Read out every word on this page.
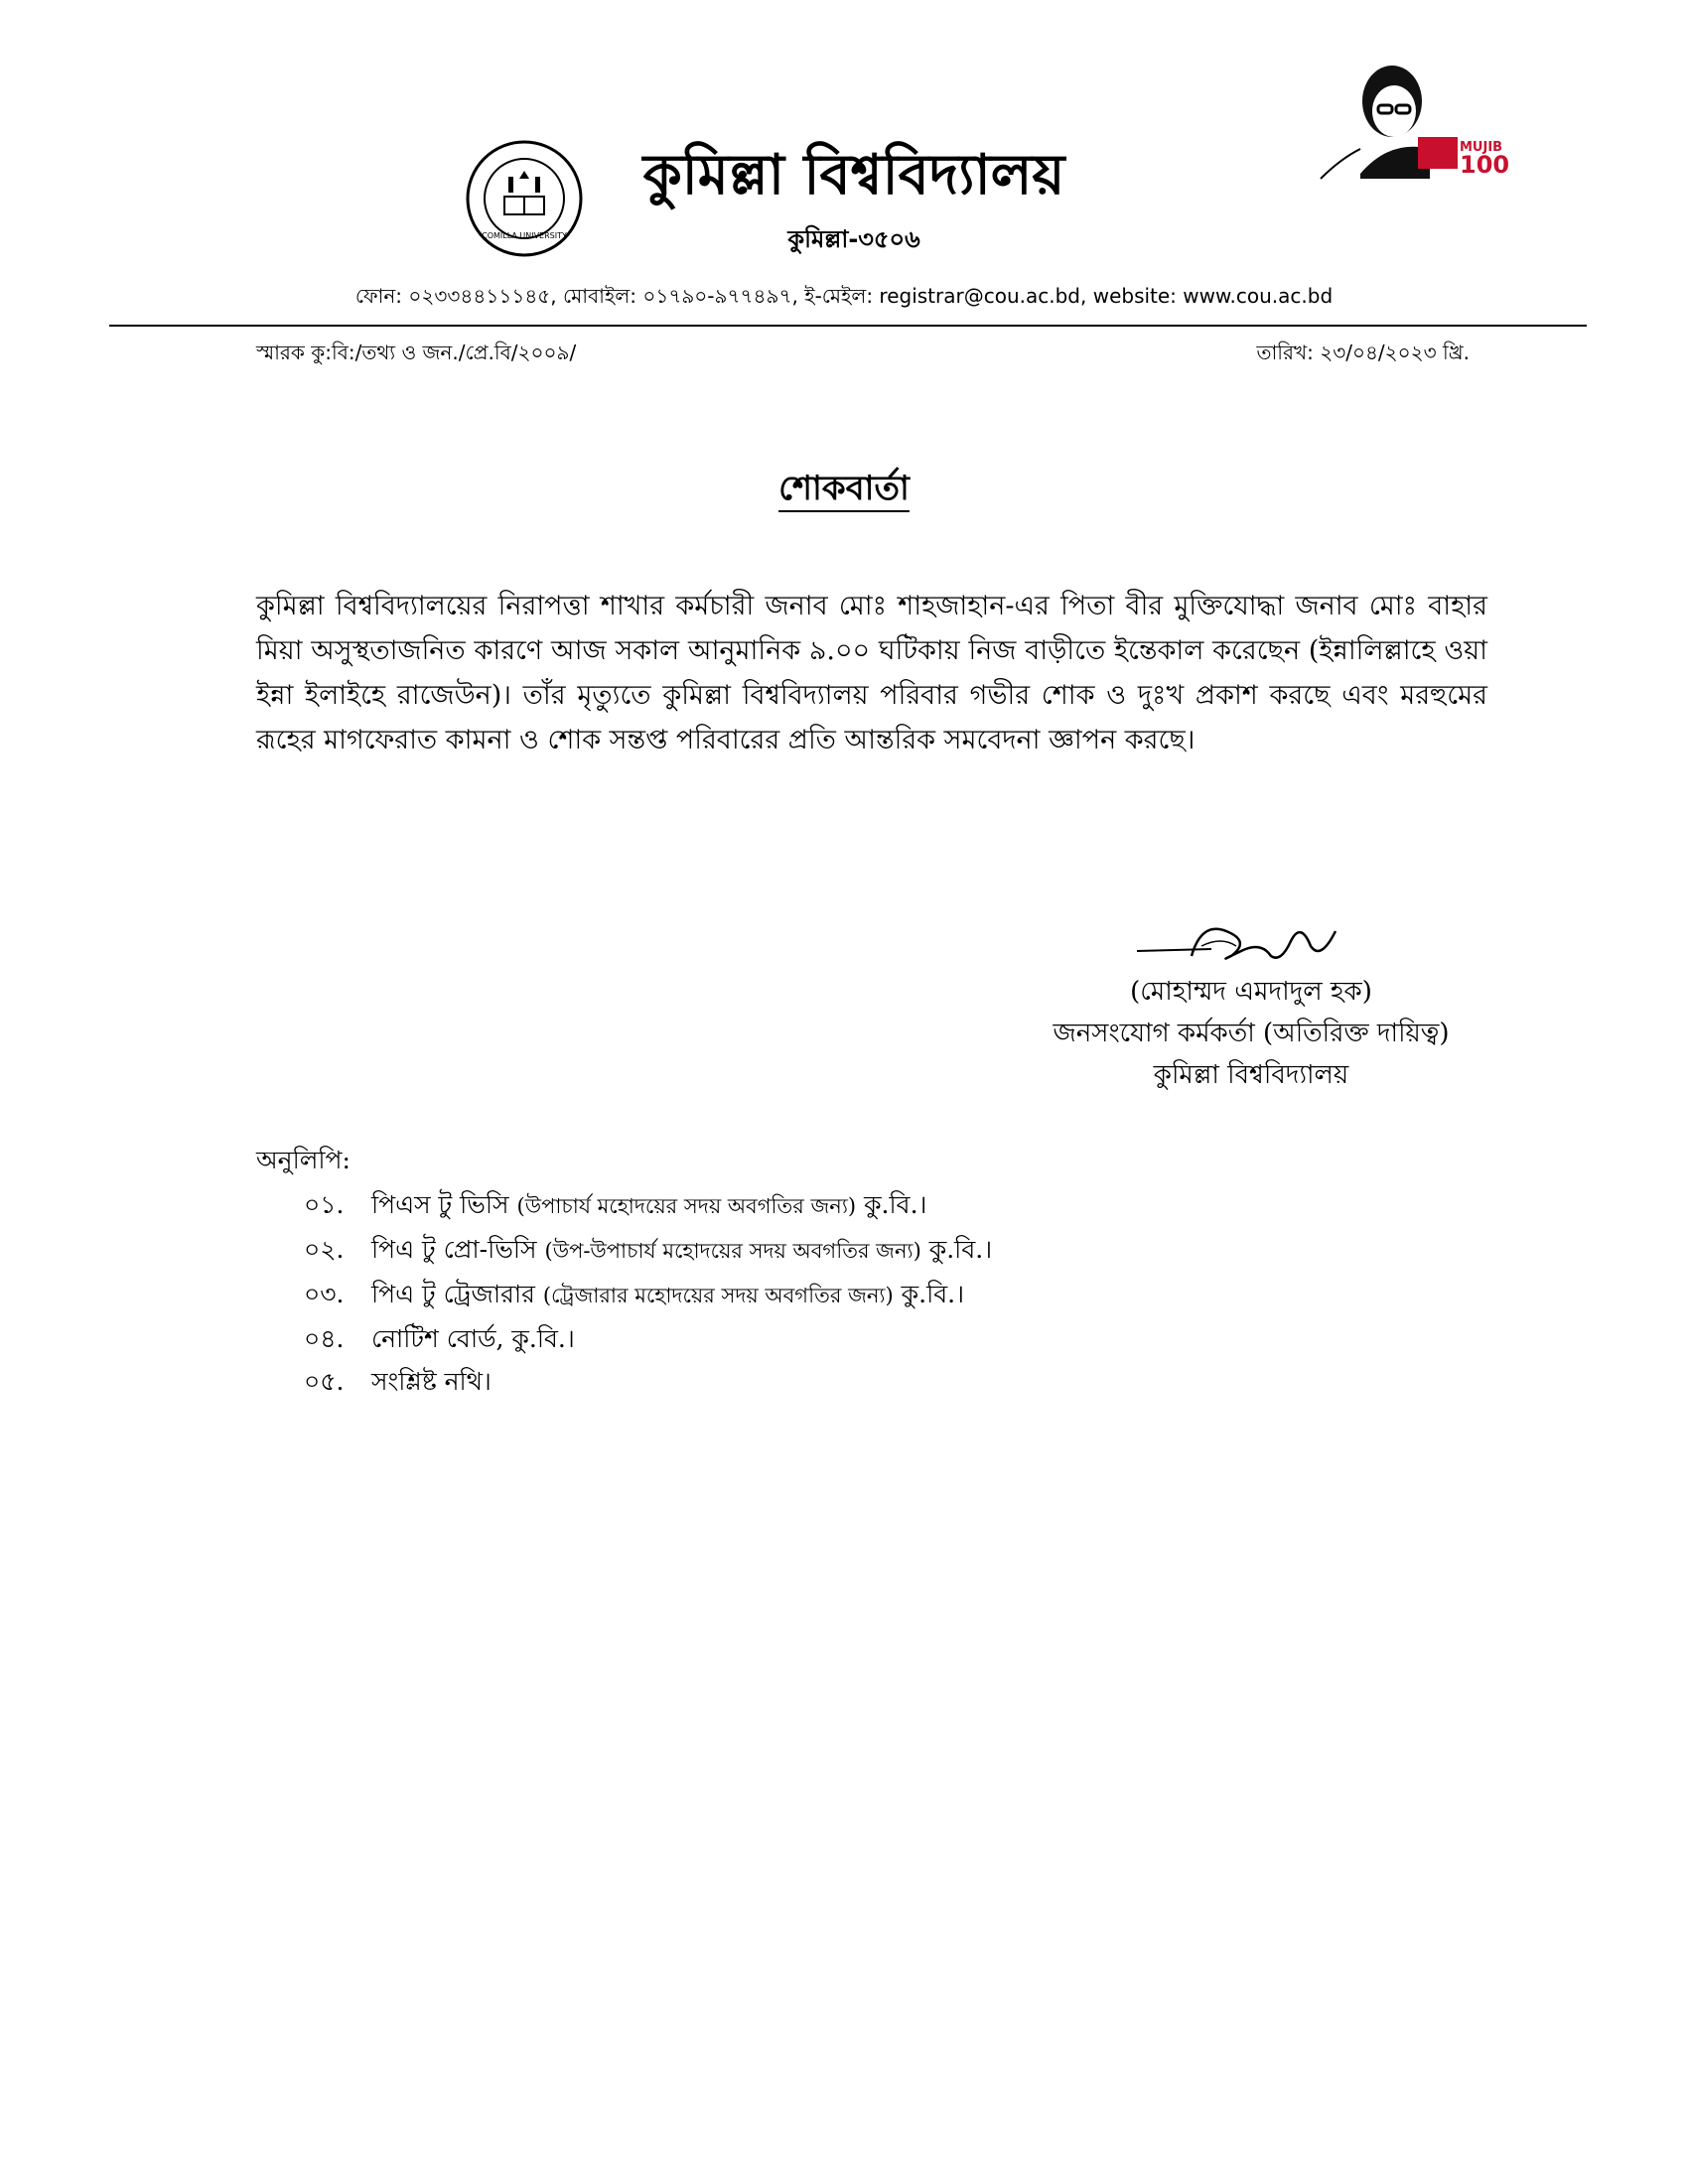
COMILLA UNIVERSITY
কুমিল্লা বিশ্ববিদ্যালয়
কুমিল্লা-৩৫০৬
ফোন: ০২৩৩৪৪১১১৪৫, মোবাইল: ০১৭৯০-৯৭৭৪৯৭, ই-মেইল: registrar@cou.ac.bd, website: www.cou.ac.bd
MUJIB
100
স্মারক কু:বি:/তথ্য ও জন./প্রে.বি/২০০৯/	তারিখ: ২৩/০৪/২০২৩ খ্রি.
শোকবার্তা
কুমিল্লা বিশ্ববিদ্যালয়ের নিরাপত্তা শাখার কর্মচারী জনাব মোঃ শাহজাহান-এর পিতা বীর মুক্তিযোদ্ধা জনাব মোঃ বাহার মিয়া অসুস্থতাজনিত কারণে আজ সকাল আনুমানিক ৯.০০ ঘটিকায় নিজ বাড়ীতে ইন্তেকাল করেছেন (ইন্নালিল্লাহে ওয়া ইন্না ইলাইহে রাজেউন)। তাঁর মৃত্যুতে কুমিল্লা বিশ্ববিদ্যালয় পরিবার গভীর শোক ও দুঃখ প্রকাশ করছে এবং মরহুমের রূহের মাগফেরাত কামনা ও শোক সন্তপ্ত পরিবারের প্রতি আন্তরিক সমবেদনা জ্ঞাপন করছে।
(মোহাম্মদ এমদাদুল হক)
জনসংযোগ কর্মকর্তা (অতিরিক্ত দায়িত্ব)
কুমিল্লা বিশ্ববিদ্যালয়
অনুলিপি:
০১. পিএস টু ভিসি (উপাচার্য মহোদয়ের সদয় অবগতির জন্য) কু.বি.।
০২. পিএ টু প্রো-ভিসি (উপ-উপাচার্য মহোদয়ের সদয় অবগতির জন্য) কু.বি.।
০৩. পিএ টু ট্রেজারার (ট্রেজারার মহোদয়ের সদয় অবগতির জন্য) কু.বি.।
০৪. নোটিশ বোর্ড, কু.বি.।
০৫. সংশ্লিষ্ট নথি।
